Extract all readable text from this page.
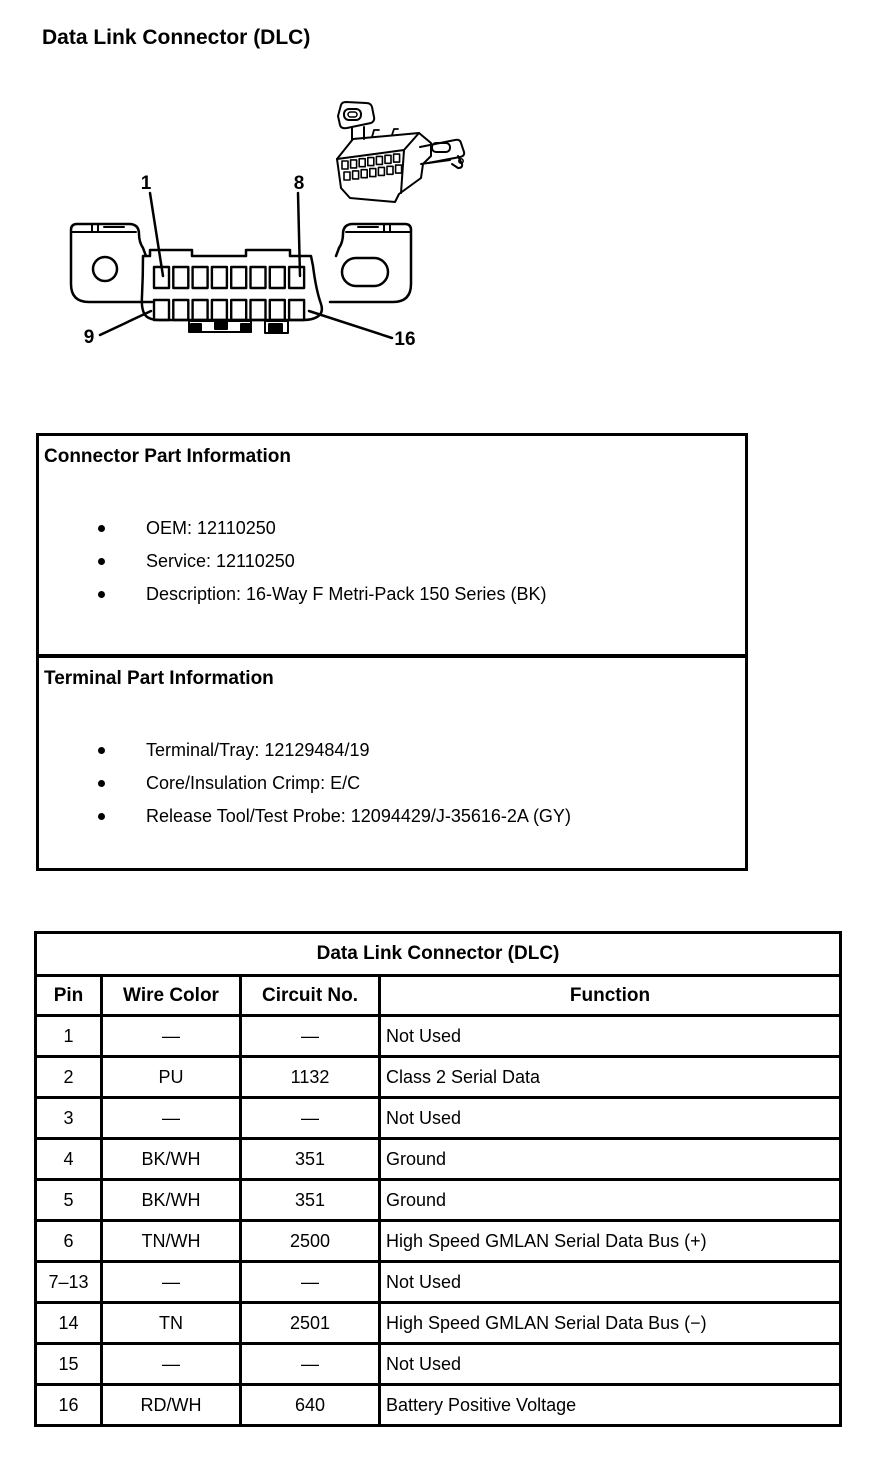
Data Link Connector (DLC)
1	8
9	16
Connector Part Information
OEM: 12110250
Service: 12110250
Description: 16-Way F Metri-Pack 150 Series (BK)
Terminal Part Information
Terminal/Tray: 12129484/19
Core/Insulation Crimp: E/C
Release Tool/Test Probe: 12094429/J-35616-2A (GY)
Data Link Connector (DLC)			
Pin	Wire Color	Circuit No.	Function
1	—	—	Not Used
2	PU	1132	Class 2 Serial Data
3	—	—	Not Used
4	BK/WH	351	Ground
5	BK/WH	351	Ground
6	TN/WH	2500	High Speed GMLAN Serial Data Bus (+)
7–13	—	—	Not Used
14	TN	2501	High Speed GMLAN Serial Data Bus (−)
15	—	—	Not Used
16	RD/WH	640	Battery Positive Voltage
